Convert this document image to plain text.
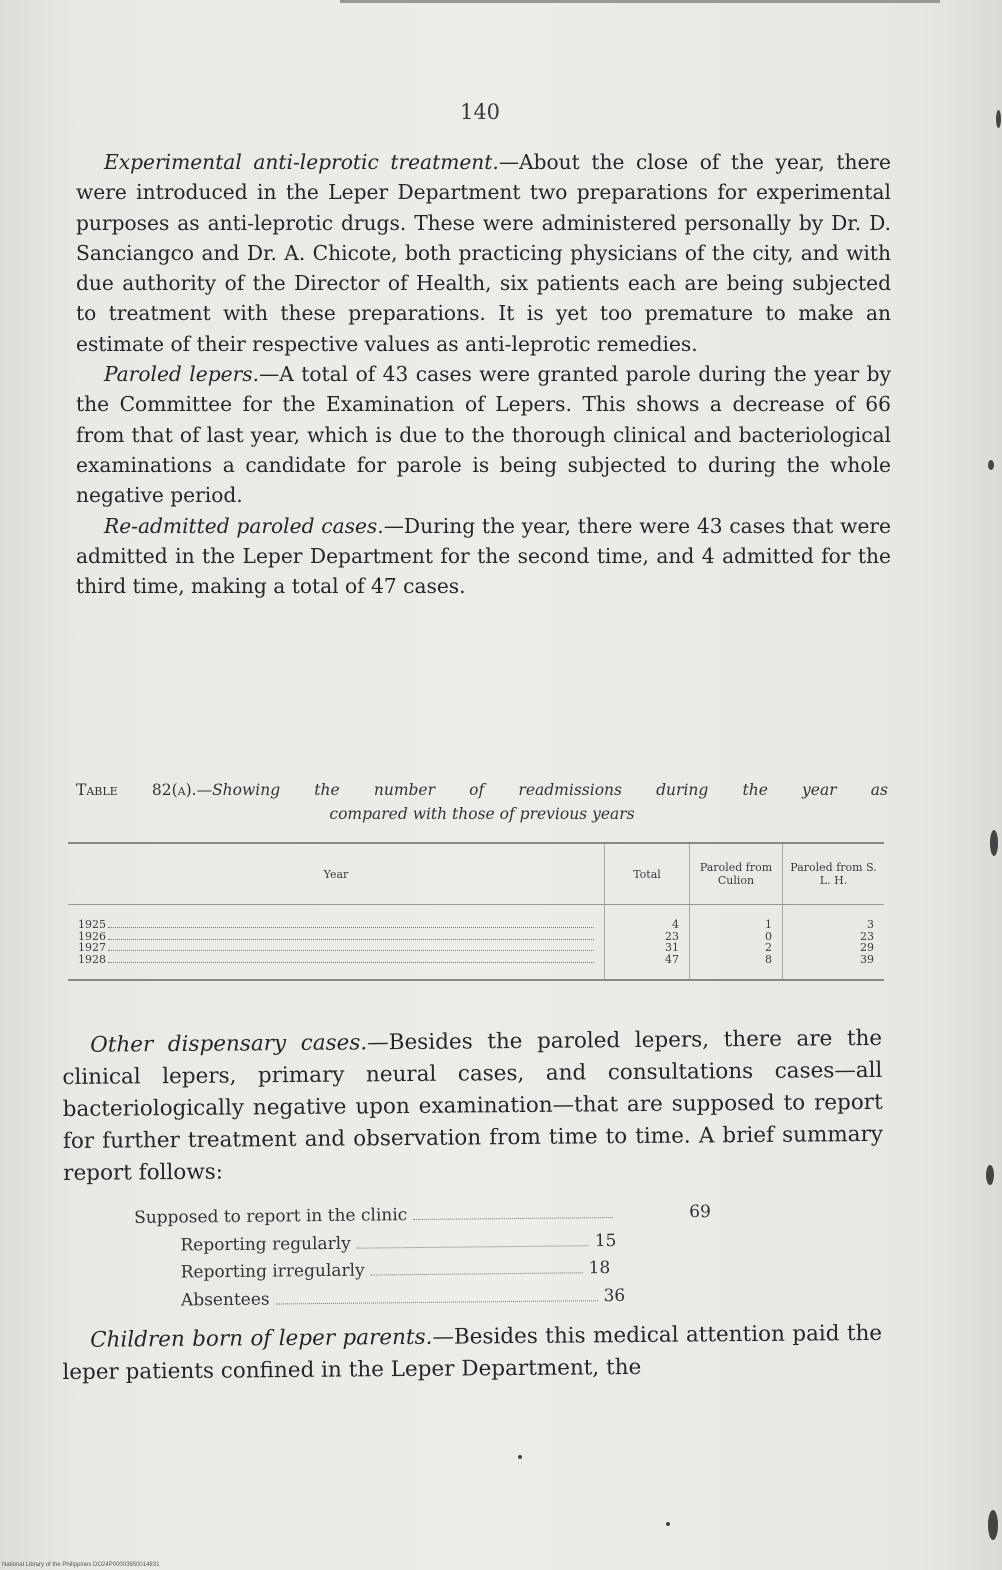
140

Experimental anti-leprotic treatment.—About the close of the year, there were introduced in the Leper Department two preparations for experimental purposes as anti-leprotic drugs. These were administered personally by Dr. D. Sanciangco and Dr. A. Chicote, both practicing physicians of the city, and with due authority of the Director of Health, six patients each are being subjected to treatment with these preparations. It is yet too premature to make an estimate of their respective values as anti-leprotic remedies.

Paroled lepers.—A total of 43 cases were granted parole during the year by the Committee for the Examination of Lepers. This shows a decrease of 66 from that of last year, which is due to the thorough clinical and bacteriological examinations a candidate for parole is being subjected to during the whole negative period.

Re-admitted paroled cases.—During the year, there were 43 cases that were admitted in the Leper Department for the second time, and 4 admitted for the third time, making a total of 47 cases.

Table 82(a).—Showing the number of readmissions during the year as
compared with those of previous years
Year	Total	Paroled from Culion	Paroled from S. L. H.

1925	4	1	3

1926	23	0	23

1927	31	2	29

1928	47	8	39

Other dispensary cases.—Besides the paroled lepers, there are the clinical lepers, primary neural cases, and consultations cases—all bacteriologically negative upon examination—that are supposed to report for further treatment and observation from time to time. A brief summary report follows:

Supposed to report in the clinic	69
Reporting regularly	15
Reporting irregularly	18
Absentees	36

Children born of leper parents.—Besides this medical attention paid the leper patients confined in the Leper Department, the

National Library of the Philippines DO24P00003950014831
